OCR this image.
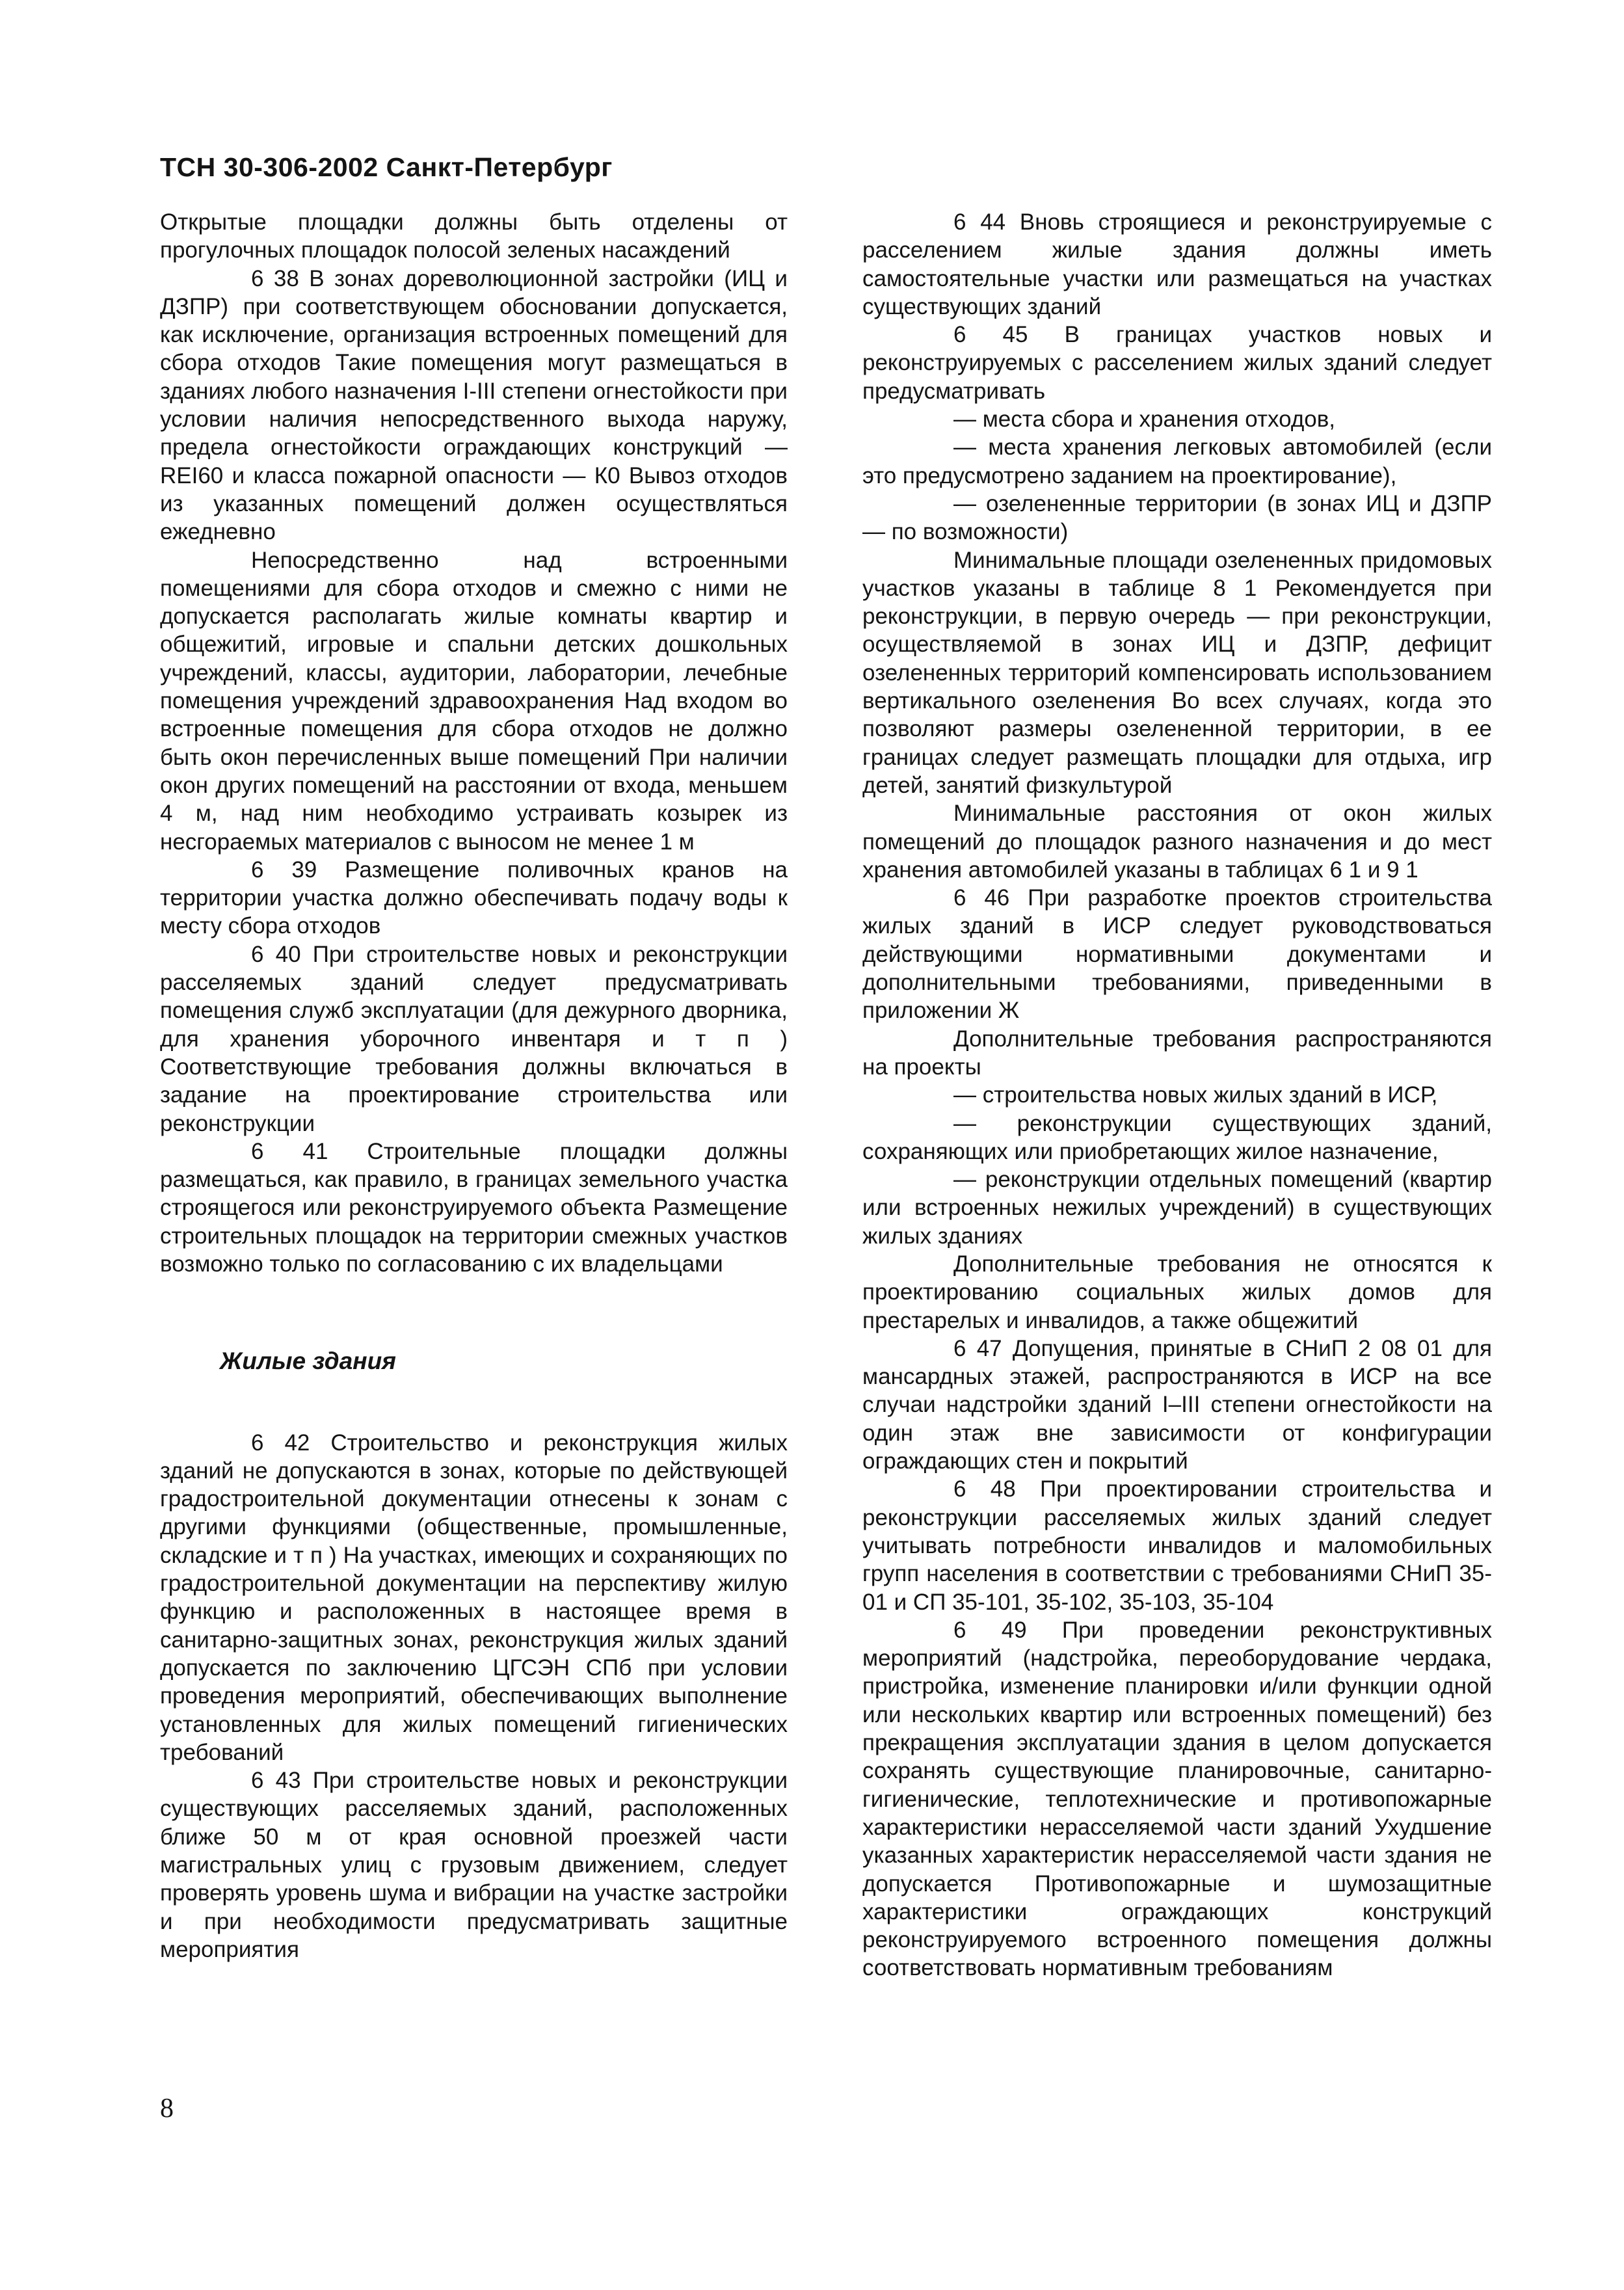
ТСН 30-306-2002 Санкт-Петербург

Открытые площадки должны быть отделены от прогулочных площадок полосой зеленых насаждений

6 38 В зонах дореволюционной застройки (ИЦ и ДЗПР) при соответствующем обосновании допускается, как исключение, организация встроенных помещений для сбора отходов Такие помещения могут размещаться в зданиях любого назначения I-III степени огнестойкости при условии наличия непосредственного выхода наружу, предела огнестойкости ограждающих конструкций — REI60 и класса пожарной опасности — К0 Вывоз отходов из указанных помещений должен осуществляться ежедневно

Непосредственно над встроенными помещениями для сбора отходов и смежно с ними не допускается располагать жилые комнаты квартир и общежитий, игровые и спальни детских дошкольных учреждений, классы, аудитории, лаборатории, лечебные помещения учреждений здравоохранения Над входом во встроенные помещения для сбора отходов не должно быть окон перечисленных выше помещений При наличии окон других помещений на расстоянии от входа, меньшем 4 м, над ним необходимо устраивать козырек из несгораемых материалов с выносом не менее 1 м

6 39 Размещение поливочных кранов на территории участка должно обеспечивать подачу воды к месту сбора отходов

6 40 При строительстве новых и реконструкции расселяемых зданий следует предусматривать помещения служб эксплуатации (для дежурного дворника, для хранения уборочного инвентаря и т п ) Соответствующие требования должны включаться в задание на проектирование строительства или реконструкции

6 41 Строительные площадки должны размещаться, как правило, в границах земельного участка строящегося или реконструируемого объекта Размещение строительных площадок на территории смежных участков возможно только по согласованию с их владельцами

Жилые здания

6 42 Строительство и реконструкция жилых зданий не допускаются в зонах, которые по действующей градостроительной документации отнесены к зонам с другими функциями (общественные, промышленные, складские и т п ) На участках, имеющих и сохраняющих по градостроительной документации на перспективу жилую функцию и расположенных в настоящее время в санитарно-защитных зонах, реконструкция жилых зданий допускается по заключению ЦГСЭН СПб при условии проведения мероприятий, обеспечивающих выполнение установленных для жилых помещений гигиенических требований

6 43 При строительстве новых и реконструкции существующих расселяемых зданий, расположенных ближе 50 м от края основной проезжей части магистральных улиц с грузовым движением, следует проверять уровень шума и вибрации на участке застройки и при необходимости предусматривать защитные мероприятия

6 44 Вновь строящиеся и реконструируемые с расселением жилые здания должны иметь самостоятельные участки или размещаться на участках существующих зданий

6 45 В границах участков новых и реконструируемых с расселением жилых зданий следует предусматривать

— места сбора и хранения отходов,

— места хранения легковых автомобилей (если это предусмотрено заданием на проектирование),

— озелененные территории (в зонах ИЦ и ДЗПР — по возможности)

Минимальные площади озелененных придомовых участков указаны в таблице 8 1 Рекомендуется при реконструкции, в первую очередь — при реконструкции, осуществляемой в зонах ИЦ и ДЗПР, дефицит озелененных территорий компенсировать использованием вертикального озеленения Во всех случаях, когда это позволяют размеры озелененной территории, в ее границах следует размещать площадки для отдыха, игр детей, занятий физкультурой

Минимальные расстояния от окон жилых помещений до площадок разного назначения и до мест хранения автомобилей указаны в таблицах 6 1 и 9 1

6 46 При разработке проектов строительства жилых зданий в ИСР следует руководствоваться действующими нормативными документами и дополнительными требованиями, приведенными в приложении Ж

Дополнительные требования распространяются на проекты

— строительства новых жилых зданий в ИСР,

— реконструкции существующих зданий, сохраняющих или приобретающих жилое назначение,

— реконструкции отдельных помещений (квартир или встроенных нежилых учреждений) в существующих жилых зданиях

Дополнительные требования не относятся к проектированию социальных жилых домов для престарелых и инвалидов, а также общежитий

6 47 Допущения, принятые в СНиП 2 08 01 для мансардных этажей, распространяются в ИСР на все случаи надстройки зданий I–III степени огнестойкости на один этаж вне зависимости от конфигурации ограждающих стен и покрытий

6 48 При проектировании строительства и реконструкции расселяемых жилых зданий следует учитывать потребности инвалидов и маломобильных групп населения в соответствии с требованиями СНиП 35-01 и СП 35-101, 35-102, 35-103, 35-104

6 49 При проведении реконструктивных мероприятий (надстройка, переоборудование чердака, пристройка, изменение планировки и/или функции одной или нескольких квартир или встроенных помещений) без прекращения эксплуатации здания в целом допускается сохранять существующие планировочные, санитарно-гигиенические, теплотехнические и противопожарные характеристики нерасселяемой части зданий Ухудшение указанных характеристик нерасселяемой части здания не допускается Противопожарные и шумозащитные характеристики ограждающих конструкций реконструируемого встроенного помещения должны соответствовать нормативным требованиям

8
